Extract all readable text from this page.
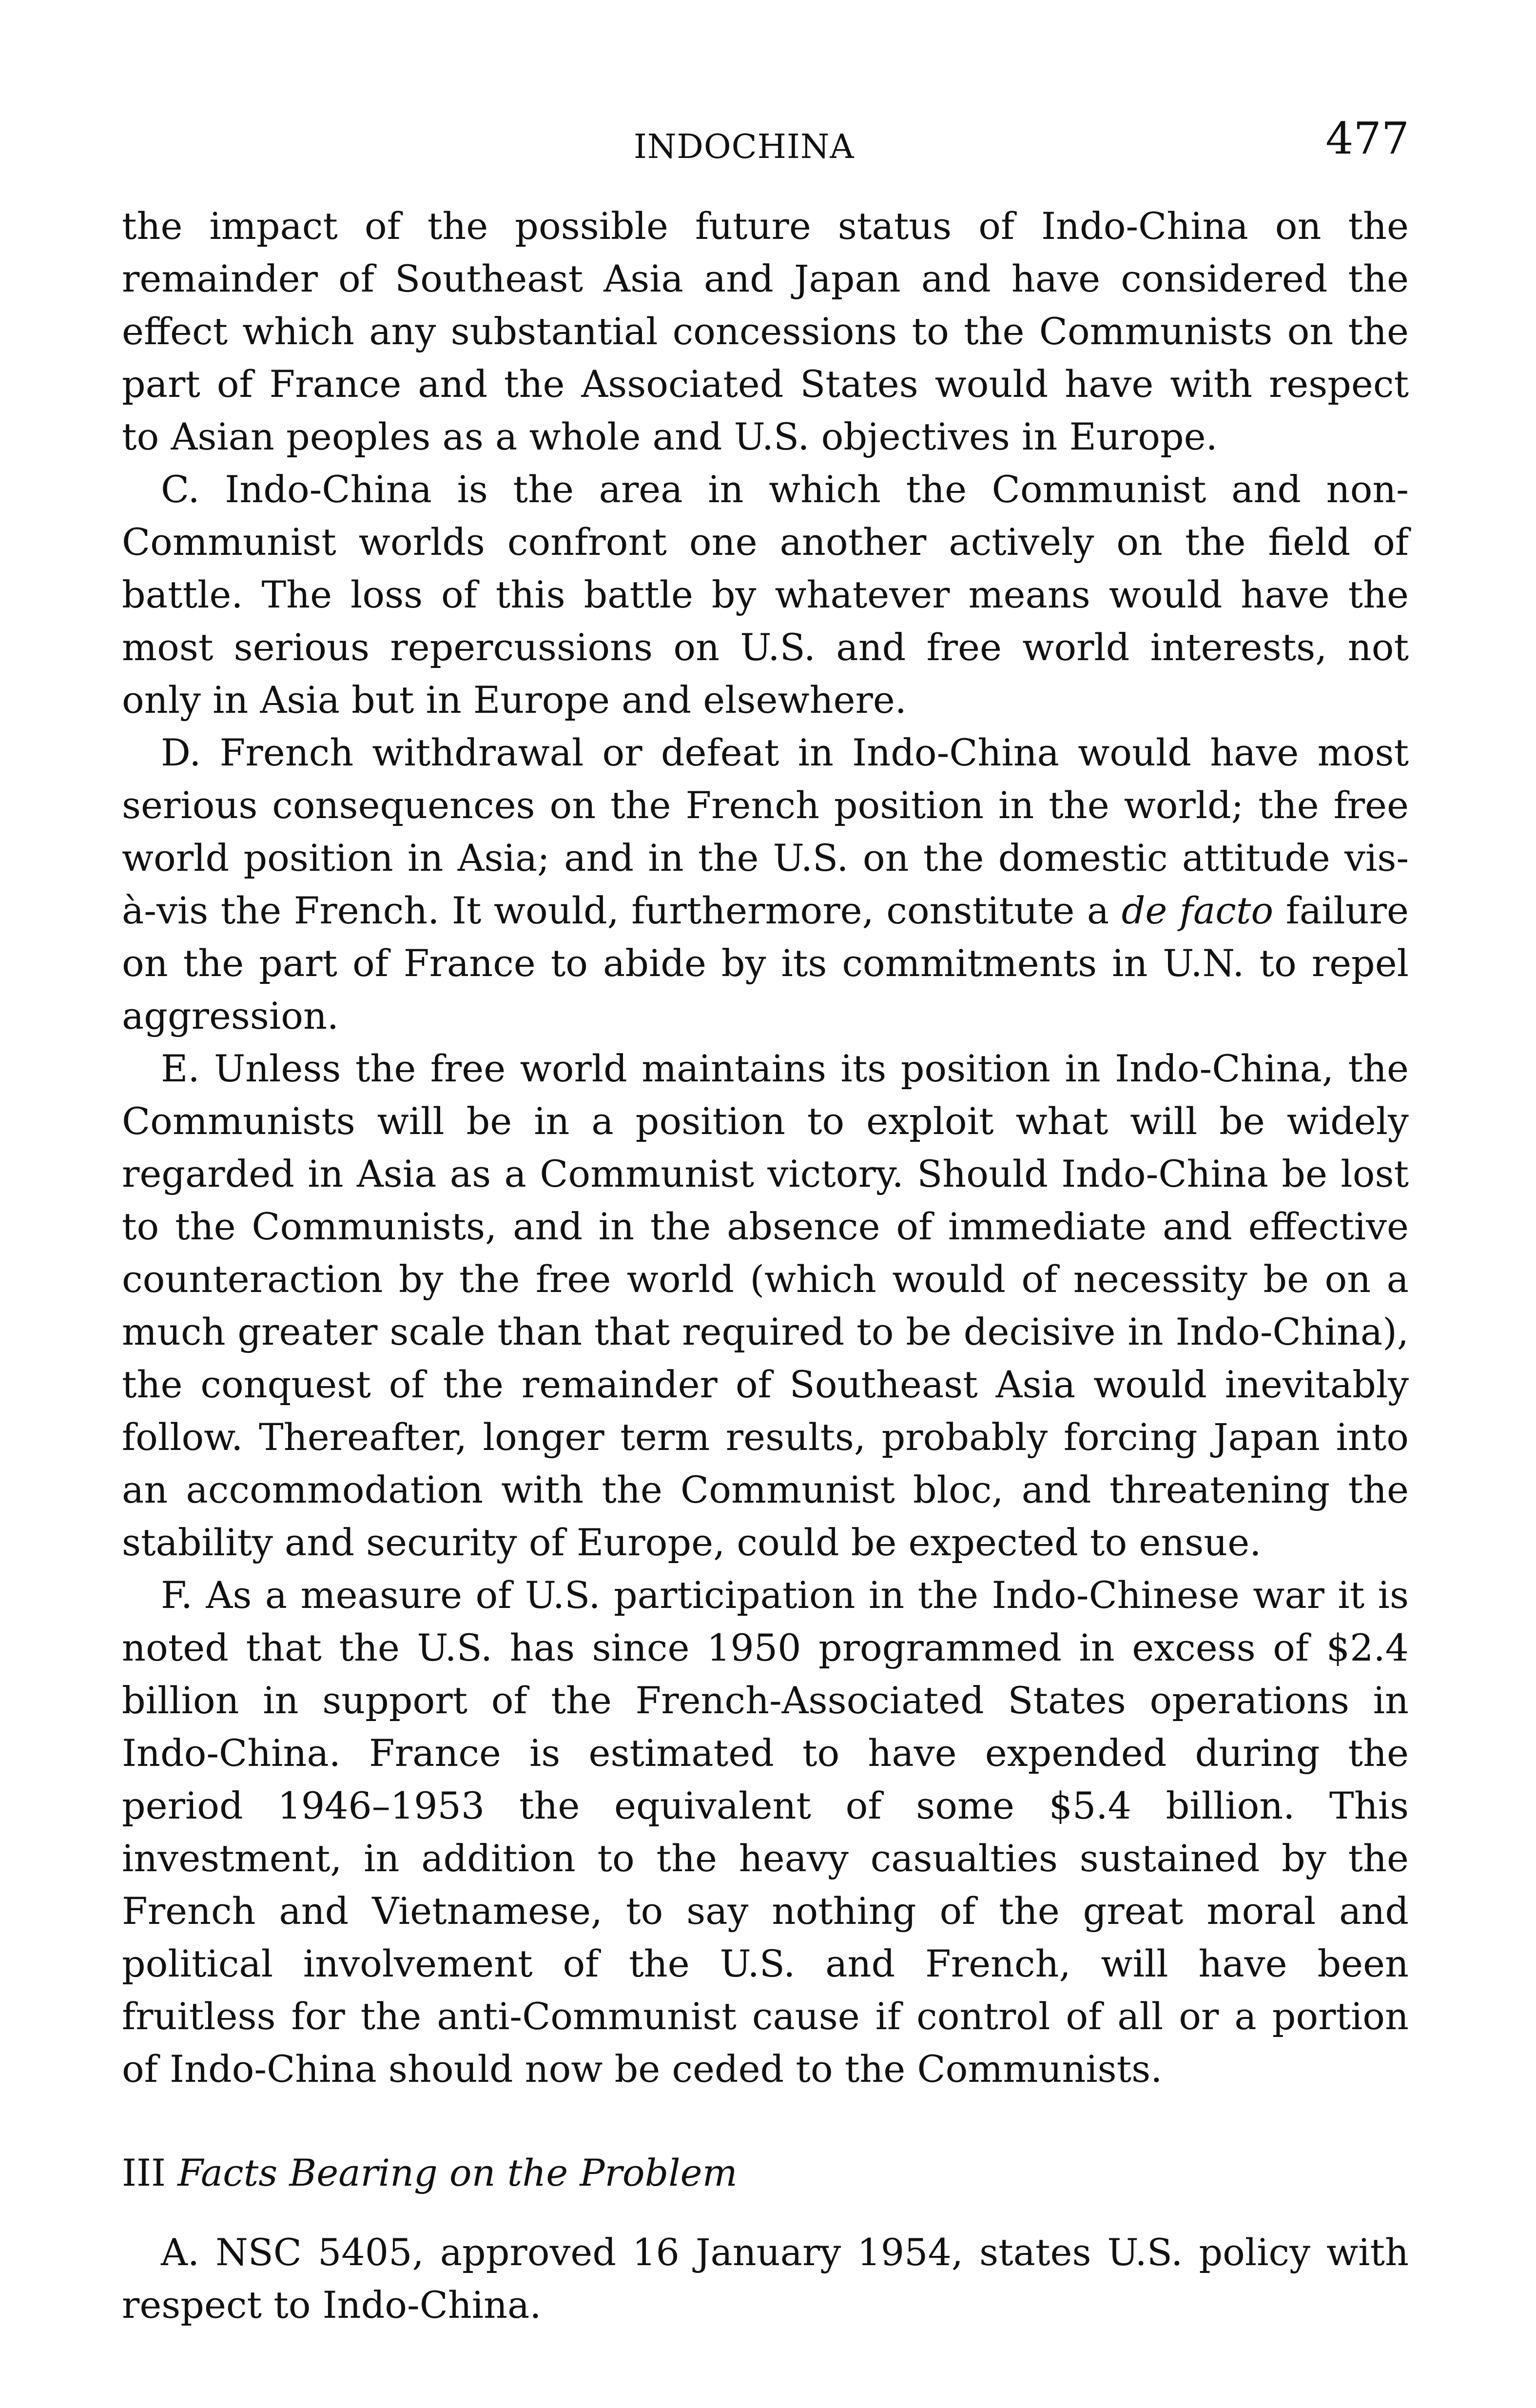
INDOCHINA	477

the impact of the possible future status of Indo-China on the remainder of Southeast Asia and Japan and have considered the effect which any substantial concessions to the Communists on the part of France and the Associated States would have with respect to Asian peoples as a whole and U.S. objectives in Europe.

C. Indo-China is the area in which the Communist and non-Communist worlds confront one another actively on the field of battle. The loss of this battle by whatever means would have the most serious repercussions on U.S. and free world interests, not only in Asia but in Europe and elsewhere.

D. French withdrawal or defeat in Indo-China would have most serious consequences on the French position in the world; the free world position in Asia; and in the U.S. on the domestic attitude vis-à-vis the French. It would, furthermore, constitute a de facto failure on the part of France to abide by its commitments in U.N. to repel aggression.

E. Unless the free world maintains its position in Indo-China, the Communists will be in a position to exploit what will be widely regarded in Asia as a Communist victory. Should Indo-China be lost to the Communists, and in the absence of immediate and effective counteraction by the free world (which would of necessity be on a much greater scale than that required to be decisive in Indo-China), the conquest of the remainder of Southeast Asia would inevitably follow. Thereafter, longer term results, probably forcing Japan into an accommodation with the Communist bloc, and threatening the stability and security of Europe, could be expected to ensue.

F. As a measure of U.S. participation in the Indo-Chinese war it is noted that the U.S. has since 1950 programmed in excess of $2.4 billion in support of the French-Associated States operations in Indo-China. France is estimated to have expended during the period 1946–1953 the equivalent of some $5.4 billion. This investment, in addition to the heavy casualties sustained by the French and Vietnamese, to say nothing of the great moral and political involvement of the U.S. and French, will have been fruitless for the anti-Communist cause if control of all or a portion of Indo-China should now be ceded to the Communists.

III Facts Bearing on the Problem

A. NSC 5405, approved 16 January 1954, states U.S. policy with respect to Indo-China.
